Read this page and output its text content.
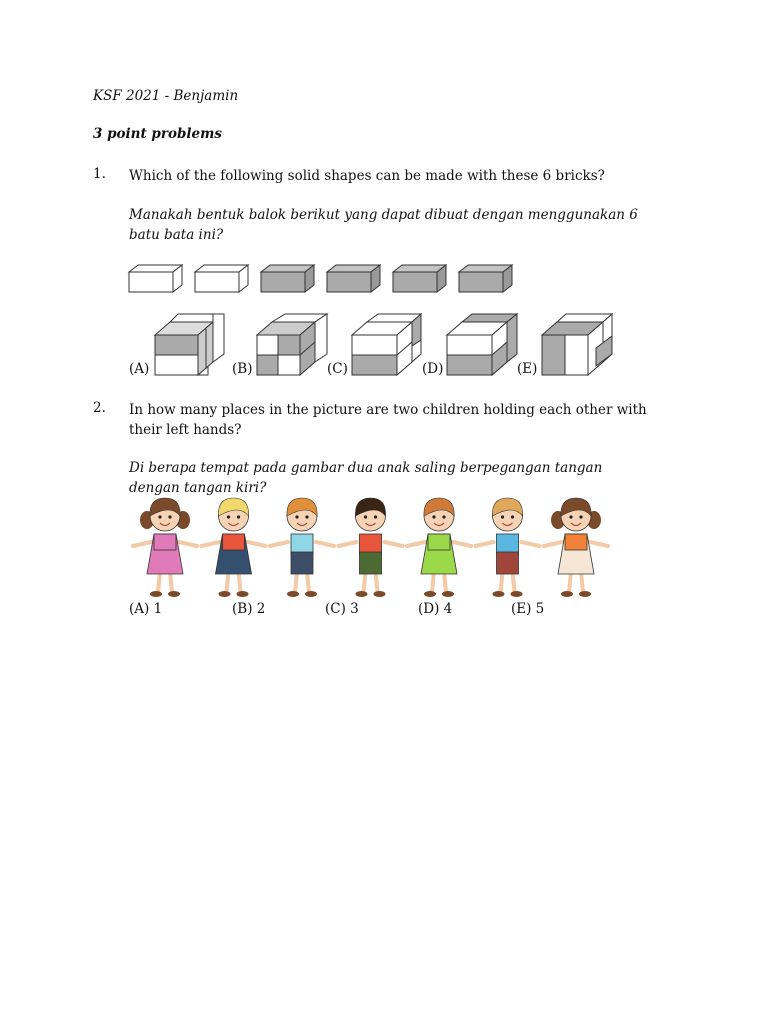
KSF 2021 - Benjamin
3 point problems
1. Which of the following solid shapes can be made with these 6 bricks?
Manakah bentuk balok berikut yang dapat dibuat dengan menggunakan 6 batu bata ini?
(A)	(B)	(C)	(D)	(E)
2. In how many places in the picture are two children holding each other with their left hands?
Di berapa tempat pada gambar dua anak saling berpegangan tangan dengan tangan kiri?
(A) 1	(B) 2	(C) 3	(D) 4	(E) 5
